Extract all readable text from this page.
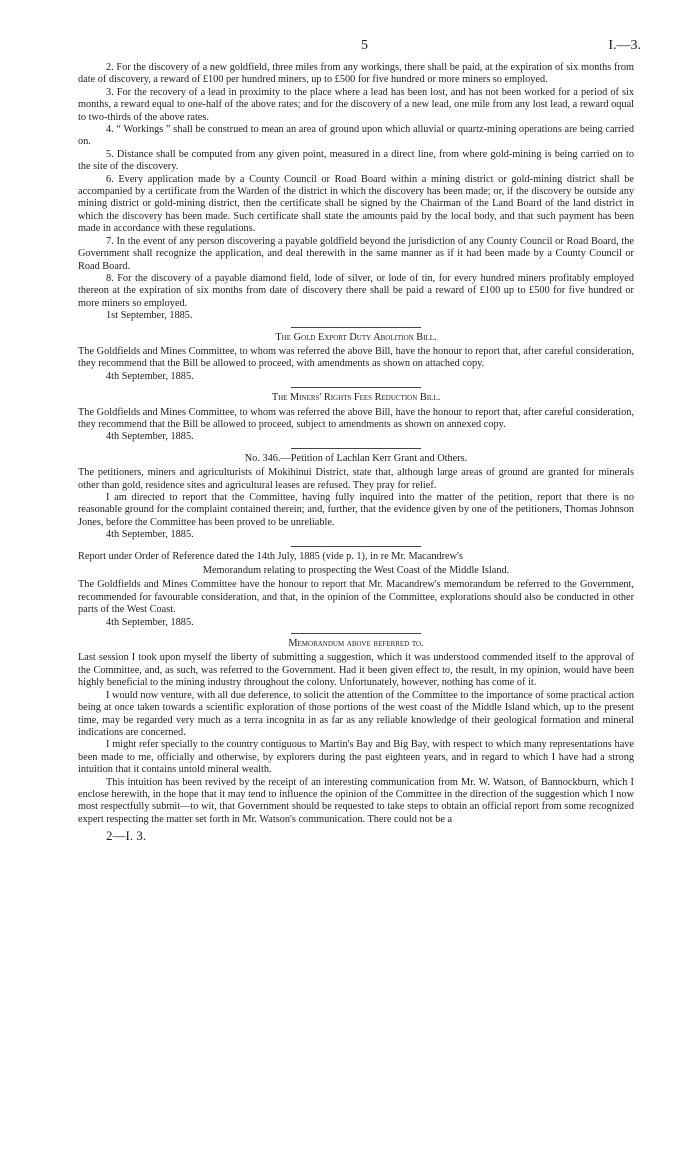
5	I.—3.

2. For the discovery of a new goldfield, three miles from any workings, there shall be paid, at the expiration of six months from date of discovery, a reward of £100 per hundred miners, up to £500 for five hundred or more miners so employed.

3. For the recovery of a lead in proximity to the place where a lead has been lost, and has not been worked for a period of six months, a reward equal to one-half of the above rates; and for the discovery of a new lead, one mile from any lost lead, a reward oqual to two-thirds of the above rates.

4. “ Workings ” shall be construed to mean an area of ground upon which alluvial or quartz-mining operations are being carried on.

5. Distance shall be computed from any given point, measured in a direct line, from where gold-mining is being carried on to the site of the discovery.

6. Every application made by a County Council or Road Board within a mining district or gold-mining district shall be accompanied by a certificate from the Warden of the district in which the discovery has been made; or, if the discovery be outside any mining district or gold-mining district, then the certificate shall be signed by the Chairman of the Land Board of the land district in which the discovery has been made. Such certificate shall state the amounts paid by the local body, and that such payment has been made in accordance with these regulations.

7. In the event of any person discovering a payable goldfield beyond the jurisdiction of any County Council or Road Board, the Government shall recognize the application, and deal therewith in the same manner as if it had been made by a County Council or Road Board.

8. For the discovery of a payable diamond field, lode of silver, or lode of tin, for every hundred miners profitably employed thereon at the expiration of six months from date of discovery there shall be paid a reward of £100 up to £500 for five hundred or more miners so employed.

1st September, 1885.

The Gold Export Duty Abolition Bill.

The Goldfields and Mines Committee, to whom was referred the above Bill, have the honour to report that, after careful consideration, they recommend that the Bill be allowed to proceed, with amendments as shown on attached copy.

4th September, 1885.

The Miners' Rights Fees Reduction Bill.

The Goldfields and Mines Committee, to whom was referred the above Bill, have the honour to report that, after careful consideration, they recommend that the Bill be allowed to proceed, subject to amendments as shown on annexed copy.

4th September, 1885.

No. 346.—Petition of Lachlan Kerr Grant and Others.

The petitioners, miners and agriculturists of Mokihinui District, state that, although large areas of ground are granted for minerals other than gold, residence sites and agricultural leases are refused. They pray for relief.

I am directed to report that the Committee, having fully inquired into the matter of the petition, report that there is no reasonable ground for the complaint contained therein; and, further, that the evidence given by one of the petitioners, Thomas Johnson Jones, before the Committee has been proved to be unreliable.

4th September, 1885.

Report under Order of Reference dated the 14th July, 1885 (vide p. 1), in re Mr. Macandrew's

Memorandum relating to prospecting the West Coast of the Middle Island.

The Goldfields and Mines Committee have the honour to report that Mr. Macandrew's memorandum be referred to the Government, recommended for favourable consideration, and that, in the opinion of the Committee, explorations should also be conducted in other parts of the West Coast.

4th September, 1885.

Memorandum above referred to.

Last session I took upon myself the liberty of submitting a suggestion, which it was understood commended itself to the approval of the Committee, and, as such, was referred to the Government. Had it been given effect to, the result, in my opinion, would have been highly beneficial to the mining industry throughout the colony. Unfortunately, however, nothing has come of it.

I would now venture, with all due deference, to solicit the attention of the Committee to the importance of some practical action being at once taken towards a scientific exploration of those portions of the west coast of the Middle Island which, up to the present time, may be regarded very much as a terra incognita in as far as any reliable knowledge of their geological formation and mineral indications are concerned.

I might refer specially to the country contiguous to Martin's Bay and Big Bay, with respect to which many representations have been made to me, officially and otherwise, by explorers during the past eighteen years, and in regard to which I have had a strong intuition that it contains untold mineral wealth.

This intuition has been revived by the receipt of an interesting communication from Mr. W. Watson, of Bannockburn, which I enclose herewith, in the hope that it may tend to influence the opinion of the Committee in the direction of the suggestion which I now most respectfully submit—to wit, that Government should be requested to take steps to obtain an official report from some recognized expert respecting the matter set forth in Mr. Watson's communication. There could not be a

2—I. 3.
